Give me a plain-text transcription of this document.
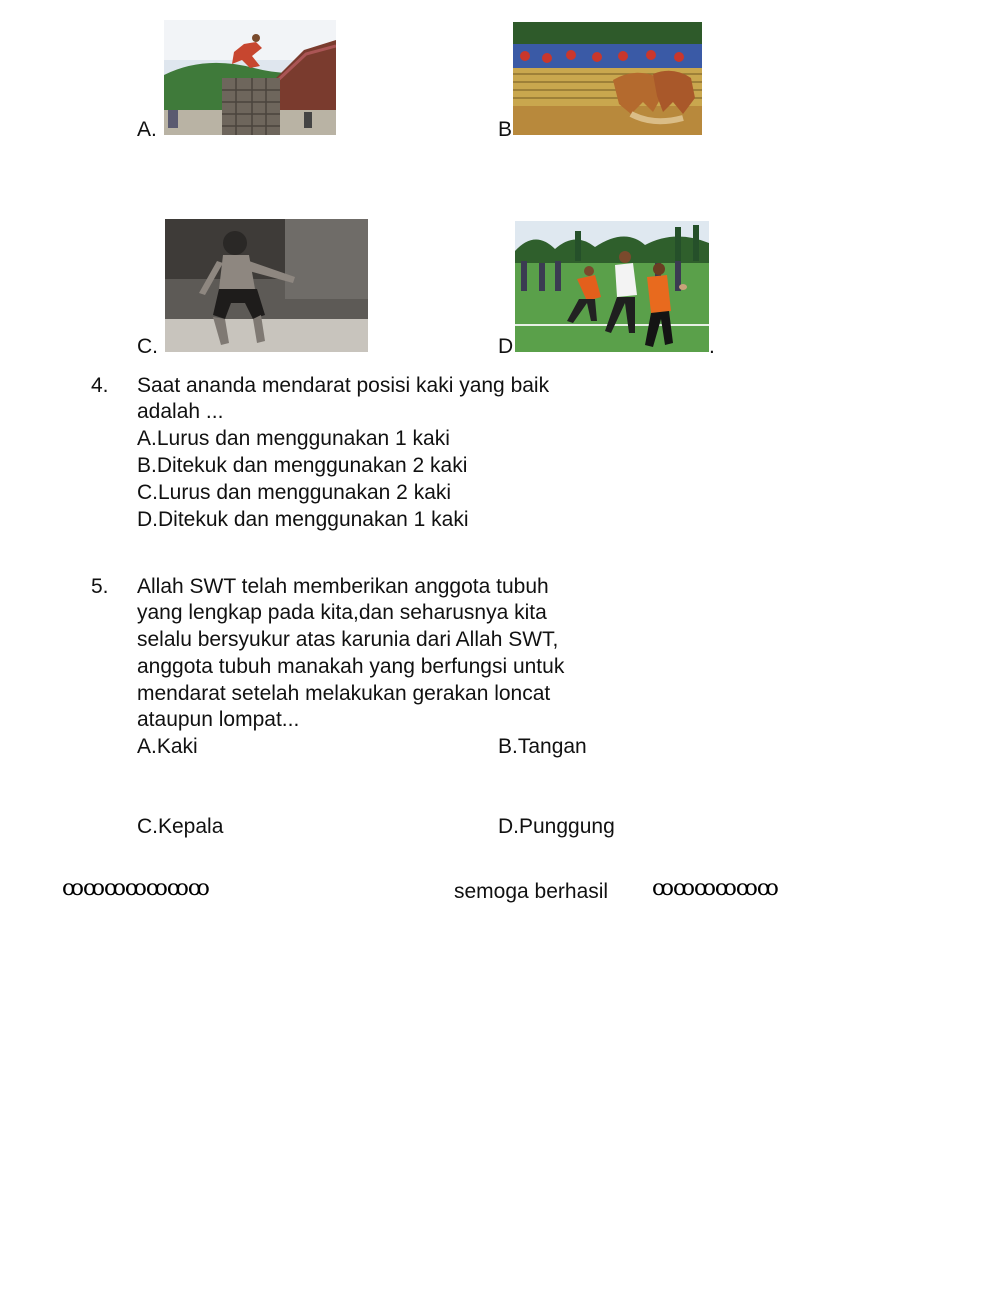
A.	B
C.	D	.
4. Saat ananda mendarat posisi kaki yang baik
adalah ...
A.Lurus dan menggunakan 1 kaki
B.Ditekuk dan menggunakan 2 kaki
C.Lurus dan menggunakan 2 kaki
D.Ditekuk dan menggunakan 1 kaki
5. Allah SWT telah memberikan anggota tubuh
yang lengkap pada kita,dan seharusnya kita
selalu bersyukur atas karunia dari Allah SWT,
anggota tubuh manakah yang berfungsi untuk
mendarat setelah melakukan gerakan loncat
ataupun lompat...
A.Kaki	B.Tangan
C.Kepala	D.Punggung
ꝏꝏꝏꝏꝏꝏꝏ	semoga berhasil ꝏꝏꝏꝏꝏꝏ
